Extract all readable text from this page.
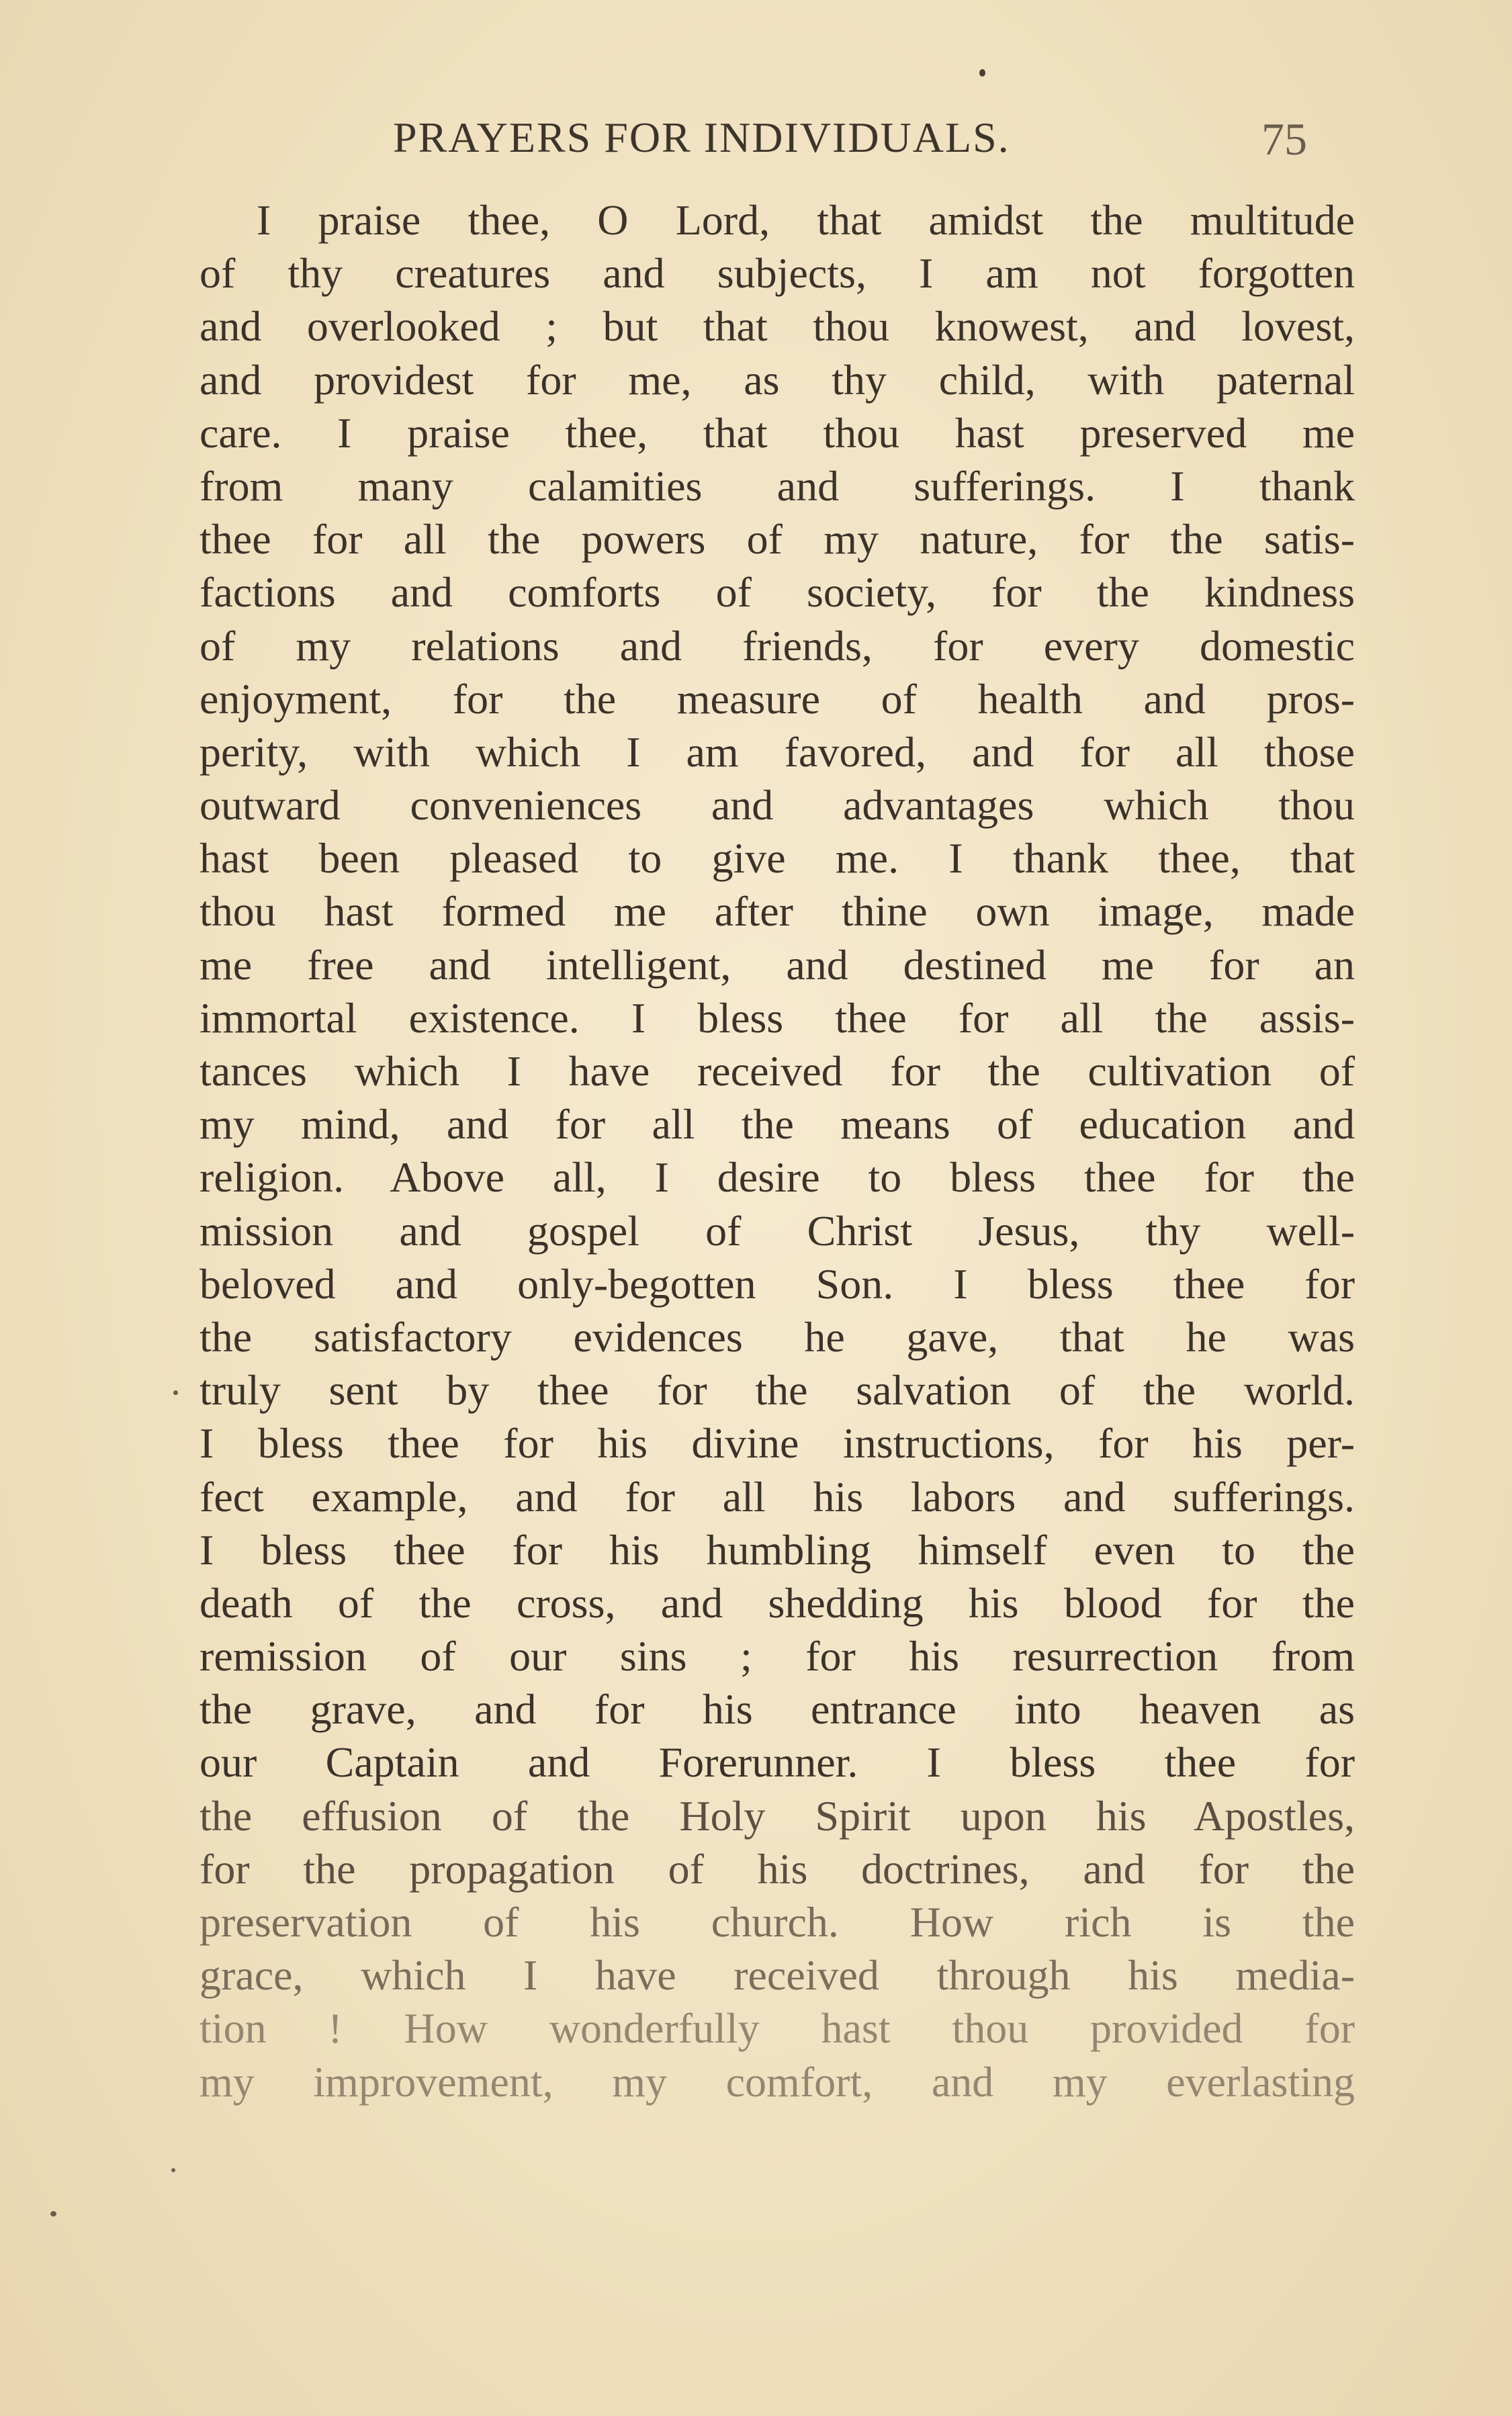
PRAYERS FOR INDIVIDUALS.	75
I praise thee, O Lord, that amidst the multitude
of thy creatures and subjects, I am not forgotten
and overlooked ; but that thou knowest, and lovest,
and providest for me, as thy child, with paternal
care. I praise thee, that thou hast preserved me
from many calamities and sufferings. I thank
thee for all the powers of my nature, for the satis-
factions and comforts of society, for the kindness
of my relations and friends, for every domestic
enjoyment, for the measure of health and pros-
perity, with which I am favored, and for all those
outward conveniences and advantages which thou
hast been pleased to give me. I thank thee, that
thou hast formed me after thine own image, made
me free and intelligent, and destined me for an
immortal existence. I bless thee for all the assis-
tances which I have received for the cultivation of
my mind, and for all the means of education and
religion. Above all, I desire to bless thee for the
mission and gospel of Christ Jesus, thy well-
beloved and only-begotten Son. I bless thee for
the satisfactory evidences he gave, that he was
truly sent by thee for the salvation of the world.
I bless thee for his divine instructions, for his per-
fect example, and for all his labors and sufferings.
I bless thee for his humbling himself even to the
death of the cross, and shedding his blood for the
remission of our sins ; for his resurrection from
the grave, and for his entrance into heaven as
our Captain and Forerunner. I bless thee for
the effusion of the Holy Spirit upon his Apostles,
for the propagation of his doctrines, and for the
preservation of his church. How rich is the
grace, which I have received through his media-
tion ! How wonderfully hast thou provided for
my improvement, my comfort, and my everlasting
